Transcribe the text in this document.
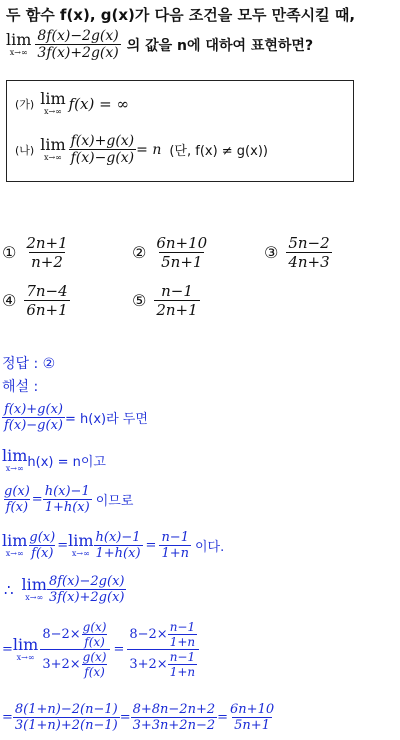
두 함수 f(x), g(x)가 다음 조건을 모두 만족시킬 때,
lim
$x\to\infty \frac{8f(x)-2g(x)}{3f(x)+2g(x)}$ 의 값을 n에 대하여 표현하면?
(가) lim
x→∞ f(x) = ∞
(나) lim
$x\to\infty \frac{f(x)+g(x)}{f(x)-g(x)} = n$ (단, f(x) ≠ g(x))
① $\frac{2n+1}{n+2}$	② $\frac{6n+10}{5n+1}$	③ $\frac{5n-2}{4n+3}$
④ $\frac{7n-4}{6n+1}$	⑤ $\frac{n-1}{2n+1}$
정답 : ②
해설 :
$\frac{f(x)+g(x)}{f(x)-g(x)} = h(x)$라 두면
lim
x→∞ h(x) = n이고
$\frac{g(x)}{f(x)} = \frac{h(x)-1}{1+h(x)}$ 이므로
lim
$x\to\infty \frac{g(x)}{f(x)} = \lim$
$x\to\infty \frac{h(x)-1}{1+h(x)} = \frac{n-1}{1+n}$ 이다.
∴ lim
$x\to\infty \frac{8f(x)-2g(x)}{3f(x)+2g(x)}$
= lim
$x\to\infty \frac{8-2\times \frac{g(x)}{f(x)}}{3+2\times \frac{g(x)}{f(x)}} = \frac{8-2\times \frac{n-1}{1+n}}{3+2\times \frac{n-1}{1+n}}$
= $\frac{8(1+n)-2(n-1)}{3(1+n)+2(n-1)} = \frac{8+8n-2n+2}{3+3n+2n-2} = \frac{6n+10}{5n+1}$
